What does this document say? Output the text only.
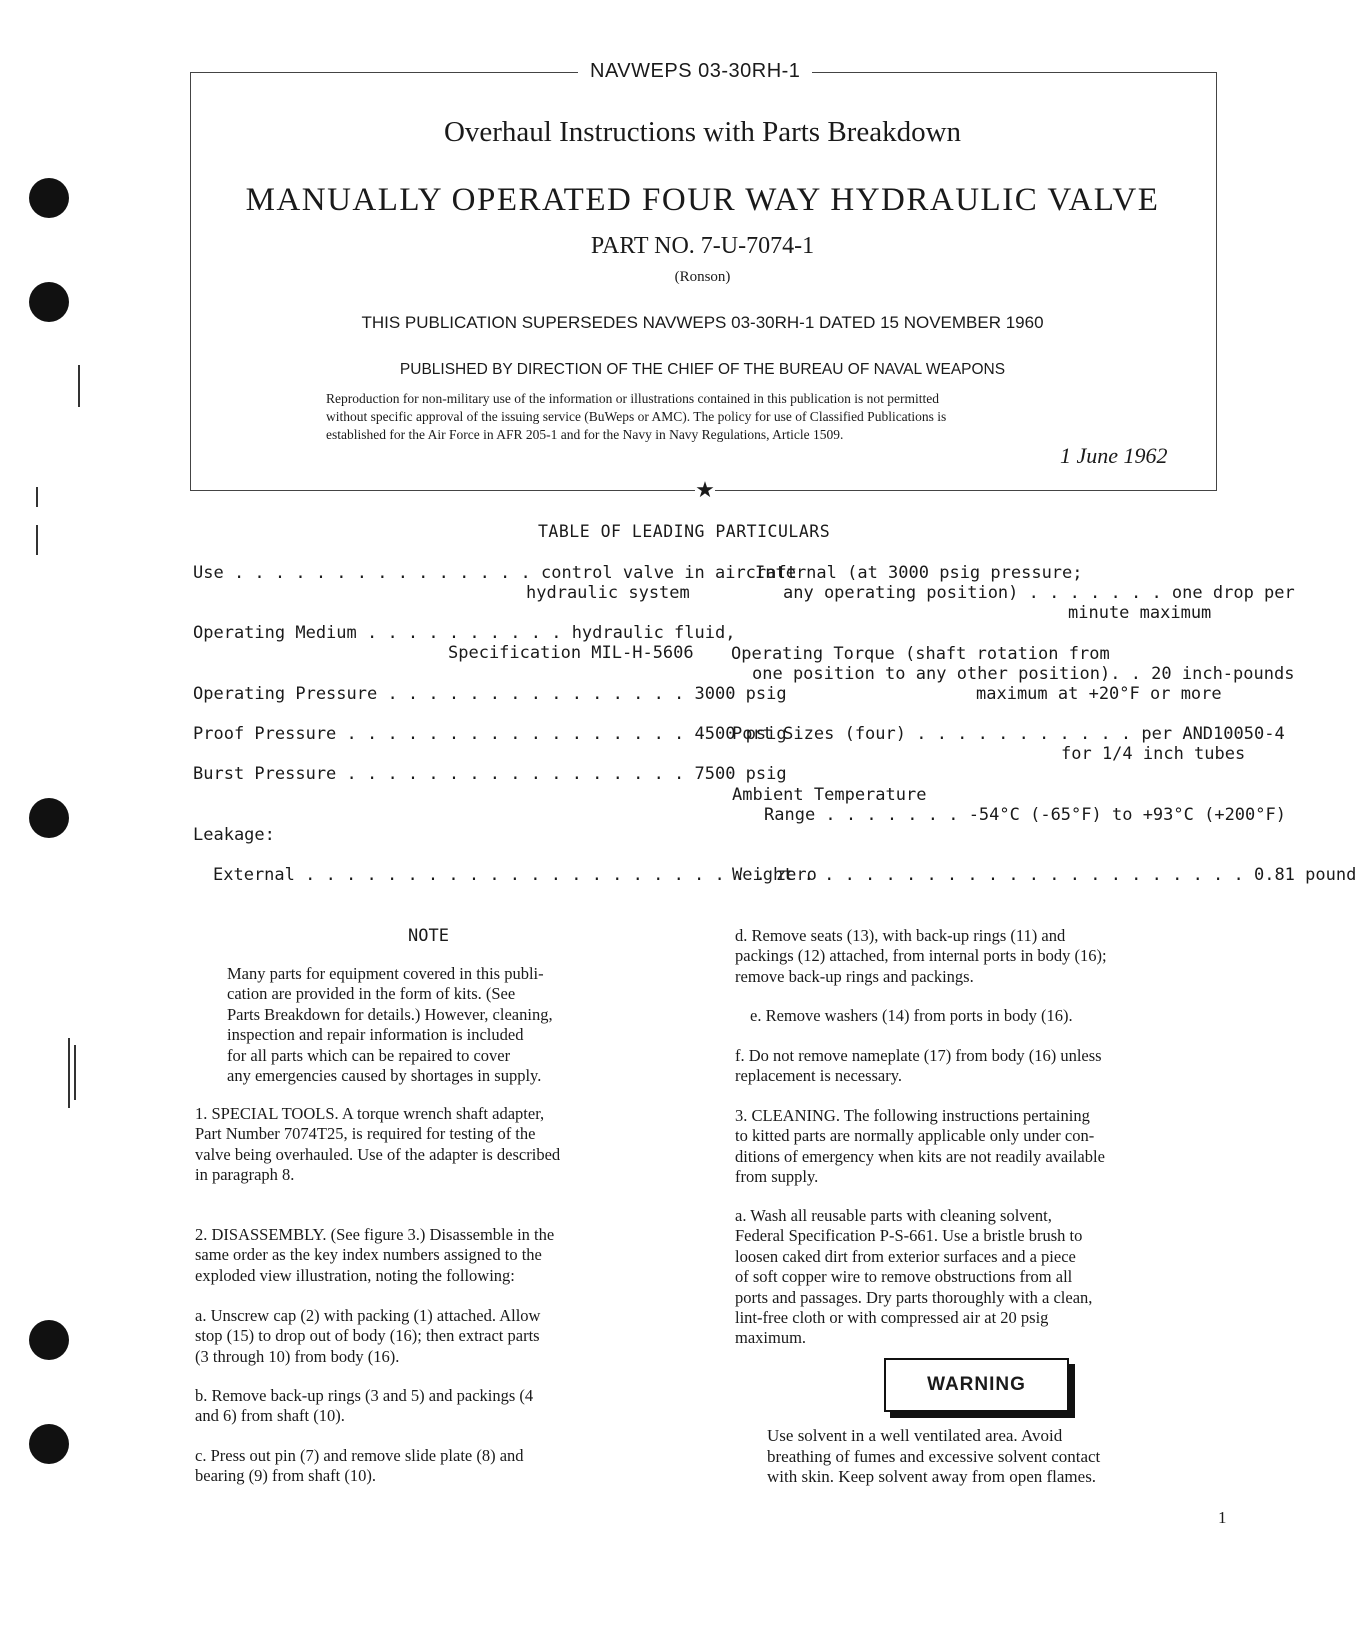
★
NAVWEPS 03-30RH-1
Overhaul Instructions with Parts Breakdown
MANUALLY OPERATED FOUR WAY HYDRAULIC VALVE
PART NO. 7-U-7074-1
(Ronson)
THIS PUBLICATION SUPERSEDES NAVWEPS 03-30RH-1 DATED 15 NOVEMBER 1960
PUBLISHED BY DIRECTION OF THE CHIEF OF THE BUREAU OF NAVAL WEAPONS
Reproduction for non-military use of the information or illustrations contained in this publication is not permitted
without specific approval of the issuing service (BuWeps or AMC). The policy for use of Classified Publications is
established for the Air Force in AFR 205-1 and for the Navy in Navy Regulations, Article 1509.
1 June 1962
TABLE OF LEADING PARTICULARS
Use . . . . . . . . . . . . . . . control valve in aircraft
hydraulic system
Operating Medium . . . . . . . . . . hydraulic fluid,
Specification MIL-H-5606
Operating Pressure . . . . . . . . . . . . . . . 3000 psig
Proof Pressure . . . . . . . . . . . . . . . . . 4500 psig
Burst Pressure . . . . . . . . . . . . . . . . . 7500 psig
Leakage:
External . . . . . . . . . . . . . . . . . . . . . . . zero
Internal (at 3000 psig pressure;
any operating position) . . . . . . . one drop per
minute maximum
Operating Torque (shaft rotation from
one position to any other position). . 20 inch-pounds
maximum at +20°F or more
Port Sizes (four) . . . . . . . . . . . per AND10050-4
for 1/4 inch tubes
Ambient Temperature
Range . . . . . . . -54°C (-65°F) to +93°C (+200°F)
Weight . . . . . . . . . . . . . . . . . . . . . . 0.81 pound
NOTE

Many parts for equipment covered in this publi-

cation are provided in the form of kits. (See

Parts Breakdown for details.) However, cleaning,

inspection and repair information is included

for all parts which can be repaired to cover

any emergencies caused by shortages in supply.

1. SPECIAL TOOLS. A torque wrench shaft adapter,

Part Number 7074T25, is required for testing of the

valve being overhauled. Use of the adapter is described

in paragraph 8.

2. DISASSEMBLY. (See figure 3.) Disassemble in the

same order as the key index numbers assigned to the

exploded view illustration, noting the following:

a. Unscrew cap (2) with packing (1) attached. Allow

stop (15) to drop out of body (16); then extract parts

(3 through 10) from body (16).

b. Remove back-up rings (3 and 5) and packings (4

and 6) from shaft (10).

c. Press out pin (7) and remove slide plate (8) and

bearing (9) from shaft (10).

d. Remove seats (13), with back-up rings (11) and

packings (12) attached, from internal ports in body (16);

remove back-up rings and packings.

e. Remove washers (14) from ports in body (16).

f. Do not remove nameplate (17) from body (16) unless

replacement is necessary.

3. CLEANING. The following instructions pertaining

to kitted parts are normally applicable only under con-

ditions of emergency when kits are not readily available

from supply.

a. Wash all reusable parts with cleaning solvent,

Federal Specification P-S-661. Use a bristle brush to

loosen caked dirt from exterior surfaces and a piece

of soft copper wire to remove obstructions from all

ports and passages. Dry parts thoroughly with a clean,

lint-free cloth or with compressed air at 20 psig

maximum.

WARNING

Use solvent in a well ventilated area. Avoid

breathing of fumes and excessive solvent contact

with skin. Keep solvent away from open flames.

1
